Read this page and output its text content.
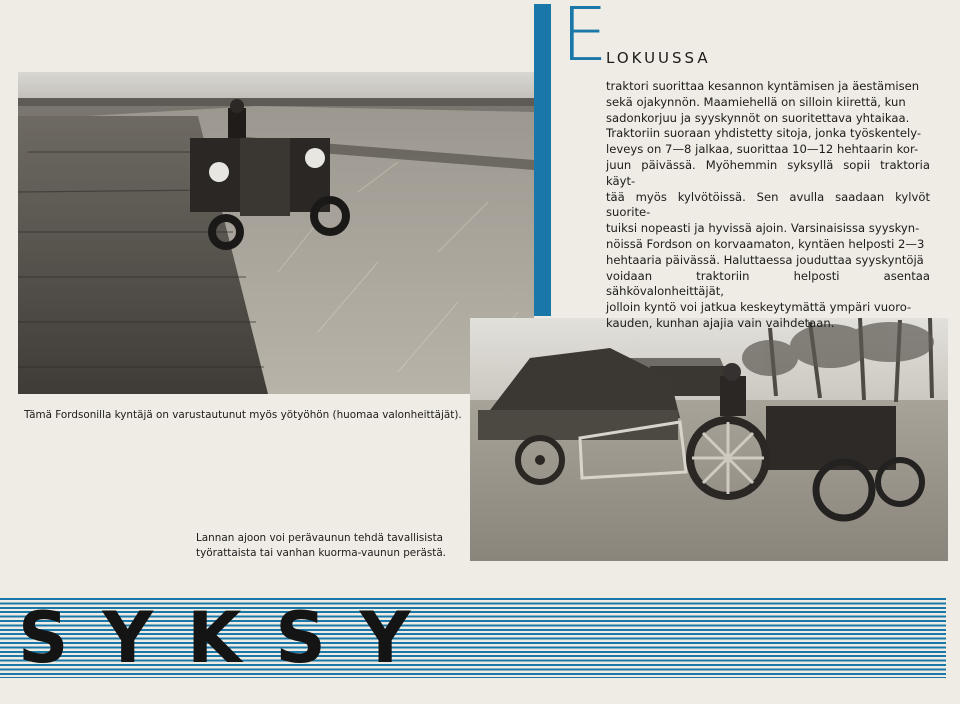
E
LOKUUSSA
traktori suorittaa kesannon kyntämisen ja äestämisen
sekä ojakynnön. Maamiehellä on silloin kiirettä, kun
sadonkorjuu ja syyskynnöt on suoritettava yhtaikaa.
Traktoriin suoraan yhdistetty sitoja, jonka työskentely-
leveys on 7—8 jalkaa, suorittaa 10—12 hehtaarin kor-
juun päivässä. Myöhemmin syksyllä sopii traktoria käyt-
tää myös kylvötöissä. Sen avulla saadaan kylvöt suorite-
tuiksi nopeasti ja hyvissä ajoin. Varsinaisissa syyskyn-
nöissä Fordson on korvaamaton, kyntäen helposti 2—3
hehtaaria päivässä. Haluttaessa jouduttaa syyskyntöjä
voidaan traktoriin helposti asentaa sähkövalonheittäjät,
jolloin kyntö voi jatkua keskeytymättä ympäri vuoro-
kauden, kunhan ajajia vain vaihdetaan.
Tämä Fordsonilla kyntäjä on varustautunut myös yötyöhön (huomaa valonheittäjät).
Lannan ajoon voi perävaunun tehdä tavallisista
työrattaista tai vanhan kuorma-vaunun perästä.
SYKSY
